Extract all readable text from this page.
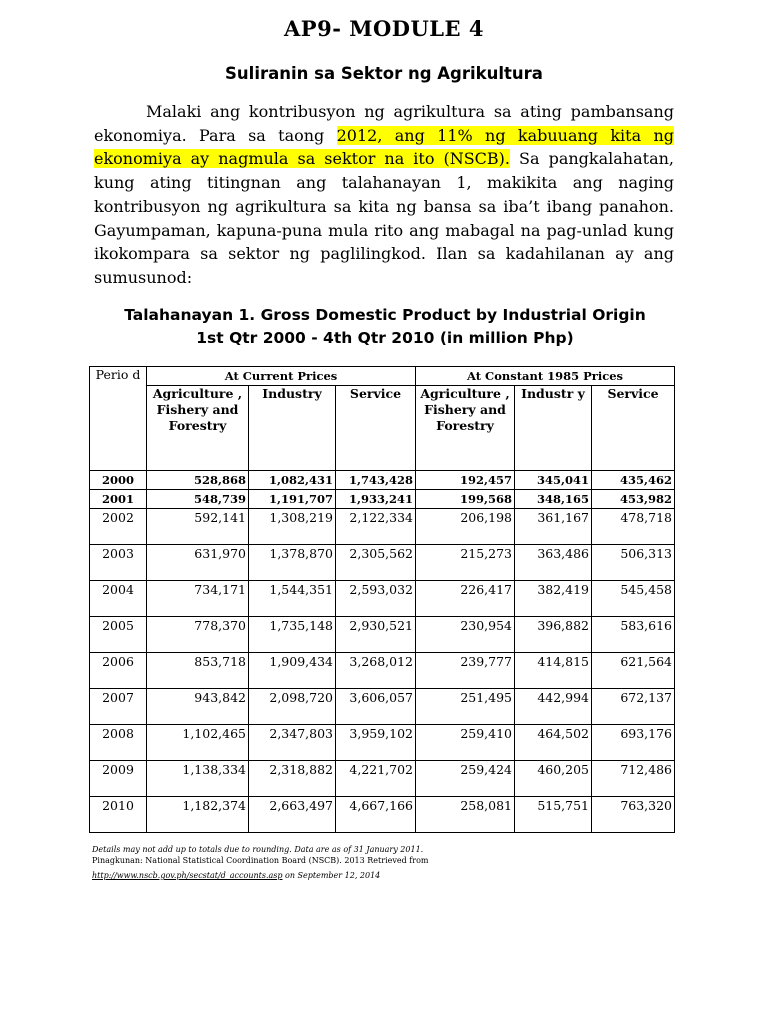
AP9- MODULE 4
Suliranin sa Sektor ng Agrikultura

Malaki ang kontribusyon ng agrikultura sa ating pambansang ekonomiya. Para sa taong 2012, ang 11% ng kabuuang kita ng ekonomiya ay nagmula sa sektor na ito (NSCB). Sa pangkalahatan, kung ating titingnan ang talahanayan 1, makikita ang naging kontribusyon ng agrikultura sa kita ng bansa sa iba’t ibang panahon. Gayumpaman, kapuna-puna mula rito ang mabagal na pag-unlad kung ikokompara sa sektor ng paglilingkod. Ilan sa kadahilanan ay ang sumusunod:

Talahanayan 1. Gross Domestic Product by Industrial Origin
1st Qtr 2000 - 4th Qtr 2010 (in million Php)
Perio d	At Current Prices			At Constant 1985 Prices		
	Agriculture , Fishery and Forestry	Industry	Service	Agriculture , Fishery and Forestry	Industr y	Service
2000	528,868	1,082,431	1,743,428	192,457	345,041	435,462
2001	548,739	1,191,707	1,933,241	199,568	348,165	453,982
2002	592,141	1,308,219	2,122,334	206,198	361,167	478,718
2003	631,970	1,378,870	2,305,562	215,273	363,486	506,313
2004	734,171	1,544,351	2,593,032	226,417	382,419	545,458
2005	778,370	1,735,148	2,930,521	230,954	396,882	583,616
2006	853,718	1,909,434	3,268,012	239,777	414,815	621,564
2007	943,842	2,098,720	3,606,057	251,495	442,994	672,137
2008	1,102,465	2,347,803	3,959,102	259,410	464,502	693,176
2009	1,138,334	2,318,882	4,221,702	259,424	460,205	712,486
2010	1,182,374	2,663,497	4,667,166	258,081	515,751	763,320
Details may not add up to totals due to rounding. Data are as of 31 January 2011.
Pinagkunan: National Statistical Coordination Board (NSCB). 2013 Retrieved from
http://www.nscb.gov.ph/secstat/d_accounts.asp on September 12, 2014
